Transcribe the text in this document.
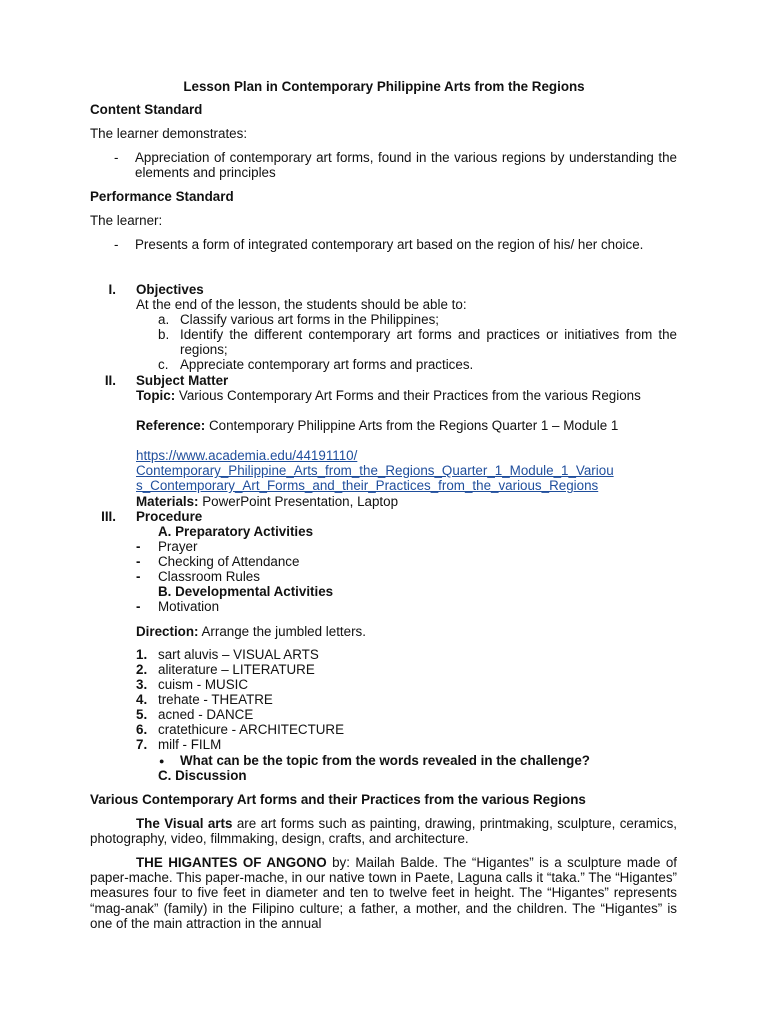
Lesson Plan in Contemporary Philippine Arts from the Regions
Content Standard
The learner demonstrates:
- Appreciation of contemporary art forms, found in the various regions by understanding the elements and principles
Performance Standard
The learner:
- Presents a form of integrated contemporary art based on the region of his/ her choice.
I. Objectives
At the end of the lesson, the students should be able to:
a. Classify various art forms in the Philippines;
b. Identify the different contemporary art forms and practices or initiatives from the regions;
c. Appreciate contemporary art forms and practices.
II. Subject Matter
Topic: Various Contemporary Art Forms and their Practices from the various Regions
Reference: Contemporary Philippine Arts from the Regions Quarter 1 – Module 1
https://www.academia.edu/44191110/
Contemporary_Philippine_Arts_from_the_Regions_Quarter_1_Module_1_Variou
s_Contemporary_Art_Forms_and_their_Practices_from_the_various_Regions
Materials: PowerPoint Presentation, Laptop
III. Procedure
A. Preparatory Activities
- Prayer
- Checking of Attendance
- Classroom Rules
B. Developmental Activities
- Motivation
Direction: Arrange the jumbled letters.
1. sart aluvis – VISUAL ARTS
2. aliterature – LITERATURE
3. cuism - MUSIC
4. trehate - THEATRE
5. acned - DANCE
6. cratethicure - ARCHITECTURE
7. milf - FILM
● What can be the topic from the words revealed in the challenge?
C. Discussion
Various Contemporary Art forms and their Practices from the various Regions
The Visual arts are art forms such as painting, drawing, printmaking, sculpture, ceramics, photography, video, filmmaking, design, crafts, and architecture.
THE HIGANTES OF ANGONO by: Mailah Balde. The “Higantes” is a sculpture made of paper-mache. This paper-mache, in our native town in Paete, Laguna calls it “taka.” The “Higantes” measures four to five feet in diameter and ten to twelve feet in height. The “Higantes” represents “mag-anak” (family) in the Filipino culture; a father, a mother, and the children. The “Higantes” is one of the main attraction in the annual
